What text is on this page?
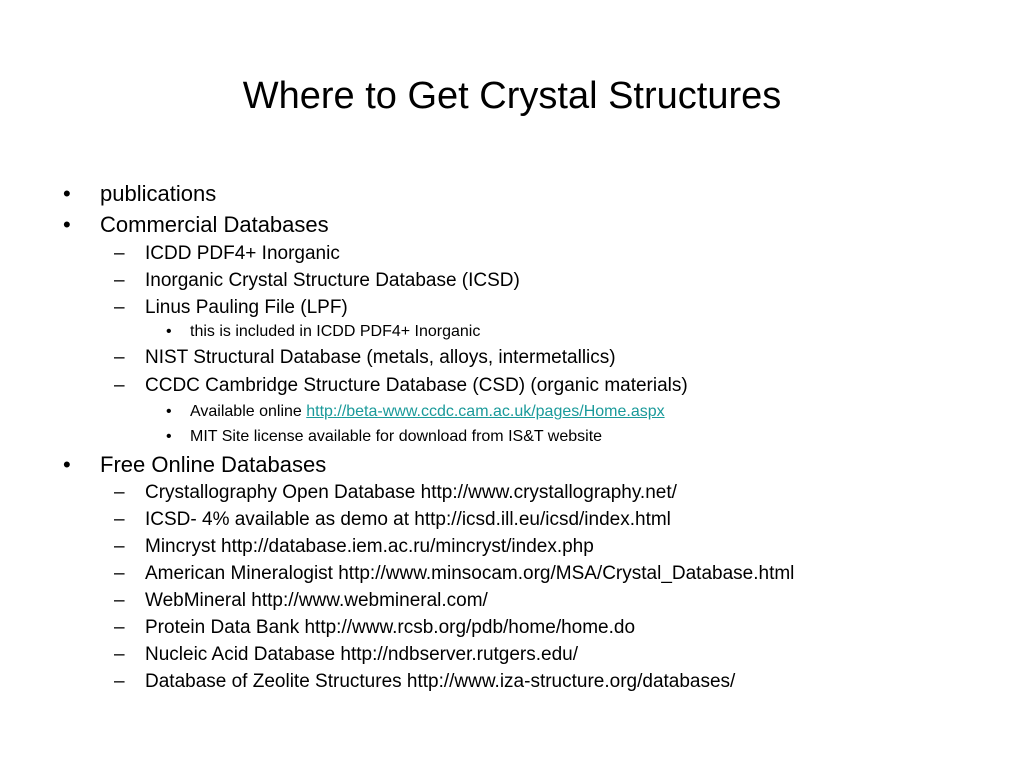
Where to Get Crystal Structures
• publications
• Commercial Databases
– ICDD PDF4+ Inorganic
– Inorganic Crystal Structure Database (ICSD)
– Linus Pauling File (LPF)
• this is included in ICDD PDF4+ Inorganic
– NIST Structural Database (metals, alloys, intermetallics)
– CCDC Cambridge Structure Database (CSD) (organic materials)
• Available online http://beta-www.ccdc.cam.ac.uk/pages/Home.aspx
• MIT Site license available for download from IS&T website
• Free Online Databases
– Crystallography Open Database http://www.crystallography.net/
– ICSD- 4% available as demo at http://icsd.ill.eu/icsd/index.html
– Mincryst http://database.iem.ac.ru/mincryst/index.php
– American Mineralogist http://www.minsocam.org/MSA/Crystal_Database.html
– WebMineral http://www.webmineral.com/
– Protein Data Bank http://www.rcsb.org/pdb/home/home.do
– Nucleic Acid Database http://ndbserver.rutgers.edu/
– Database of Zeolite Structures http://www.iza-structure.org/databases/
